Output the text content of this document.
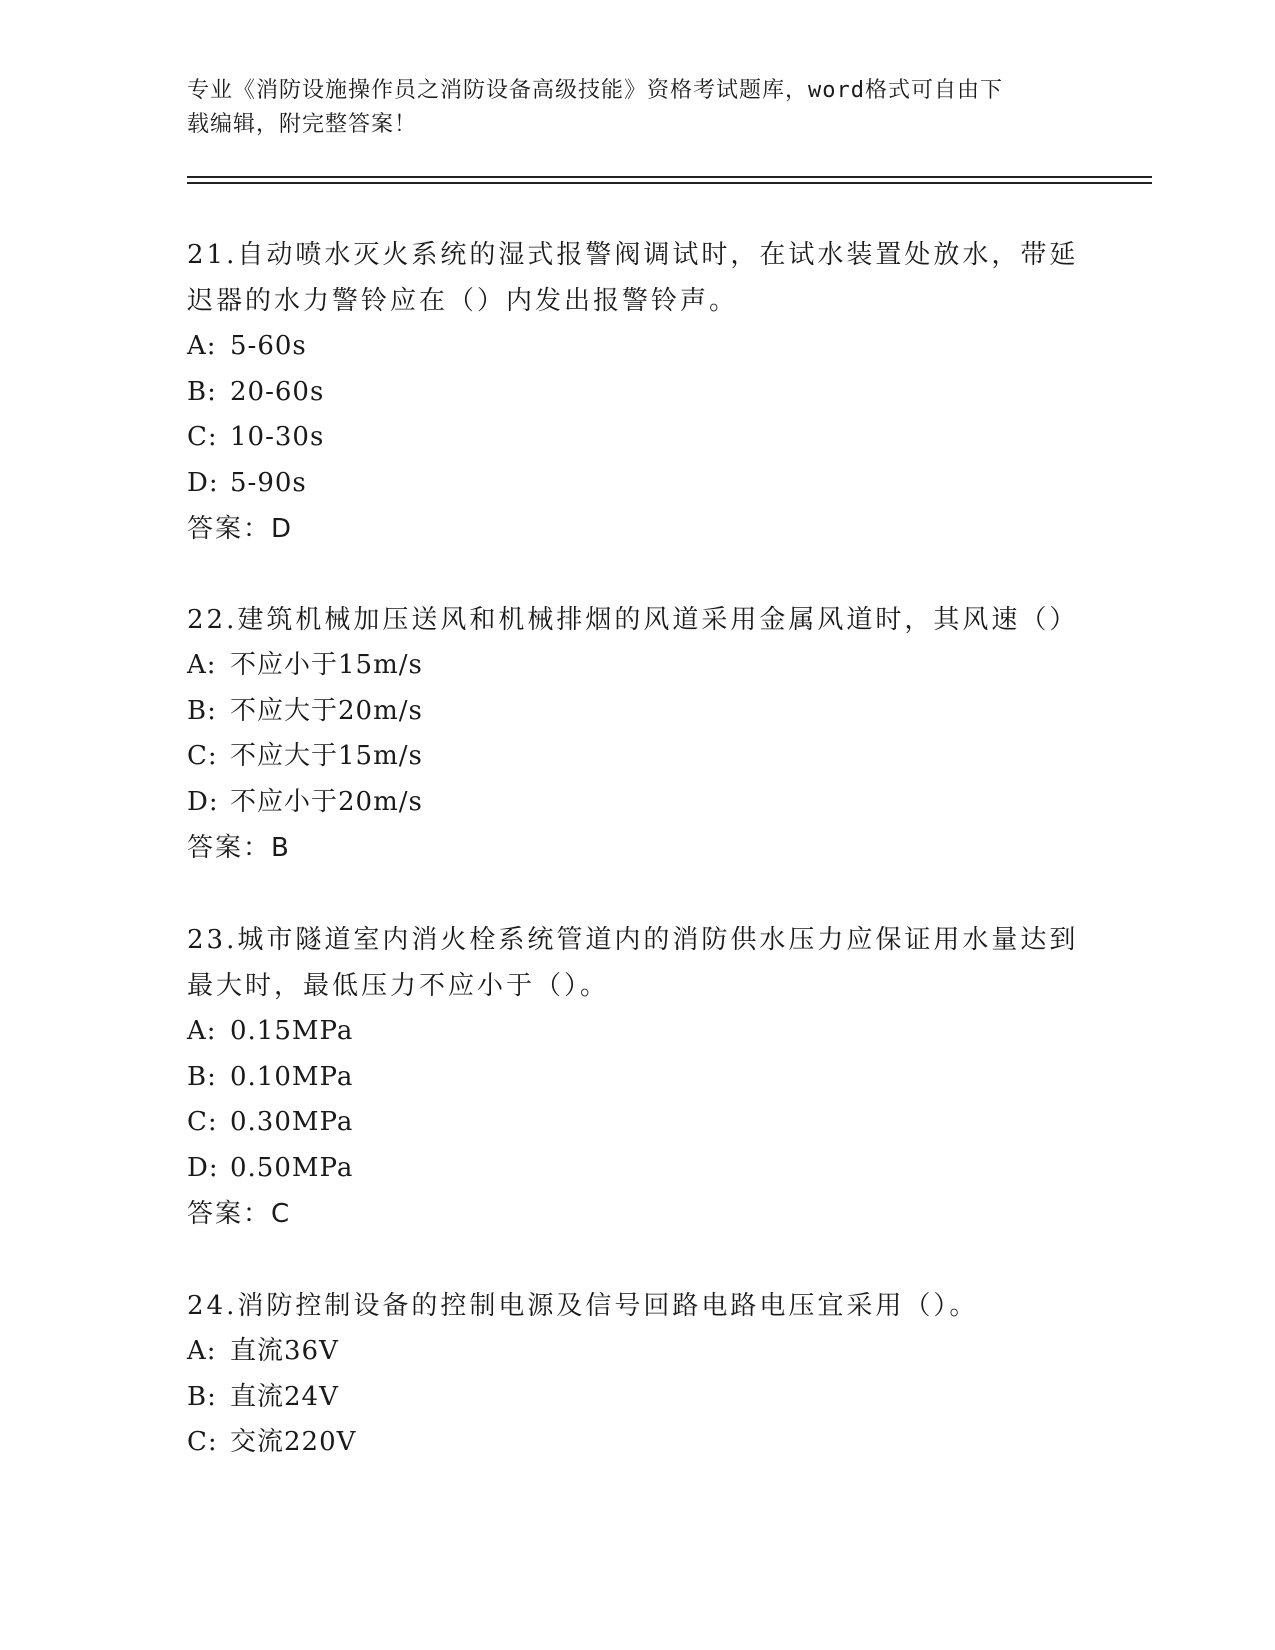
专业《消防设施操作员之消防设备高级技能》资格考试题库，word格式可自由下
载编辑，附完整答案！

21.自动喷水灭火系统的湿式报警阀调试时，在试水装置处放水，带延

迟器的水力警铃应在（）内发出报警铃声。

A: 5-60s
B: 20-60s
C: 10-30s
D: 5-90s
答案：D

22.建筑机械加压送风和机械排烟的风道采用金属风道时，其风速（）

A: 不应小于15m/s
B: 不应大于20m/s
C: 不应大于15m/s
D: 不应小于20m/s
答案：B

23.城市隧道室内消火栓系统管道内的消防供水压力应保证用水量达到

最大时，最低压力不应小于（）。

A: 0.15MPa
B: 0.10MPa
C: 0.30MPa
D: 0.50MPa
答案：C

24.消防控制设备的控制电源及信号回路电路电压宜采用（）。

A: 直流36V
B: 直流24V
C: 交流220V
